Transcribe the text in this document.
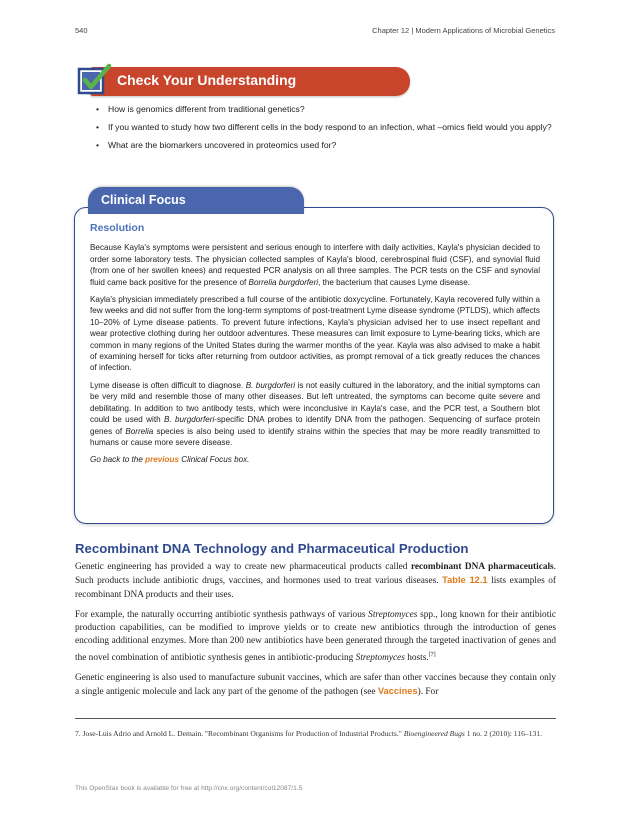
540	Chapter 12 | Modern Applications of Microbial Genetics
Check Your Understanding
• How is genomics different from traditional genetics?
• If you wanted to study how two different cells in the body respond to an infection, what –omics field would you apply?
• What are the biomarkers uncovered in proteomics used for?
Clinical Focus
Resolution

Because Kayla's symptoms were persistent and serious enough to interfere with daily activities, Kayla's physician decided to order some laboratory tests. The physician collected samples of Kayla's blood, cerebrospinal fluid (CSF), and synovial fluid (from one of her swollen knees) and requested PCR analysis on all three samples. The PCR tests on the CSF and synovial fluid came back positive for the presence of Borrelia burgdorferi, the bacterium that causes Lyme disease.

Kayla's physician immediately prescribed a full course of the antibiotic doxycycline. Fortunately, Kayla recovered fully within a few weeks and did not suffer from the long-term symptoms of post-treatment Lyme disease syndrome (PTLDS), which affects 10–20% of Lyme disease patients. To prevent future infections, Kayla's physician advised her to use insect repellant and wear protective clothing during her outdoor adventures. These measures can limit exposure to Lyme-bearing ticks, which are common in many regions of the United States during the warmer months of the year. Kayla was also advised to make a habit of examining herself for ticks after returning from outdoor activities, as prompt removal of a tick greatly reduces the chances of infection.

Lyme disease is often difficult to diagnose. B. burgdorferi is not easily cultured in the laboratory, and the initial symptoms can be very mild and resemble those of many other diseases. But left untreated, the symptoms can become quite severe and debilitating. In addition to two antibody tests, which were inconclusive in Kayla's case, and the PCR test, a Southern blot could be used with B. burgdorferi-specific DNA probes to identify DNA from the pathogen. Sequencing of surface protein genes of Borrelia species is also being used to identify strains within the species that may be more readily transmitted to humans or cause more severe disease.

Go back to the previous Clinical Focus box.

Recombinant DNA Technology and Pharmaceutical Production

Genetic engineering has provided a way to create new pharmaceutical products called recombinant DNA pharmaceuticals. Such products include antibiotic drugs, vaccines, and hormones used to treat various diseases. Table 12.1 lists examples of recombinant DNA products and their uses.

For example, the naturally occurring antibiotic synthesis pathways of various Streptomyces spp., long known for their antibiotic production capabilities, can be modified to improve yields or to create new antibiotics through the introduction of genes encoding additional enzymes. More than 200 new antibiotics have been generated through the targeted inactivation of genes and the novel combination of antibiotic synthesis genes in antibiotic-producing Streptomyces hosts.[7]

Genetic engineering is also used to manufacture subunit vaccines, which are safer than other vaccines because they contain only a single antigenic molecule and lack any part of the genome of the pathogen (see Vaccines). For

7. Jose-Luis Adrio and Arnold L. Demain. "Recombinant Organisms for Production of Industrial Products." Bioengineered Bugs 1 no. 2 (2010): 116–131.
This OpenStax book is available for free at http://cnx.org/content/col12087/1.5
